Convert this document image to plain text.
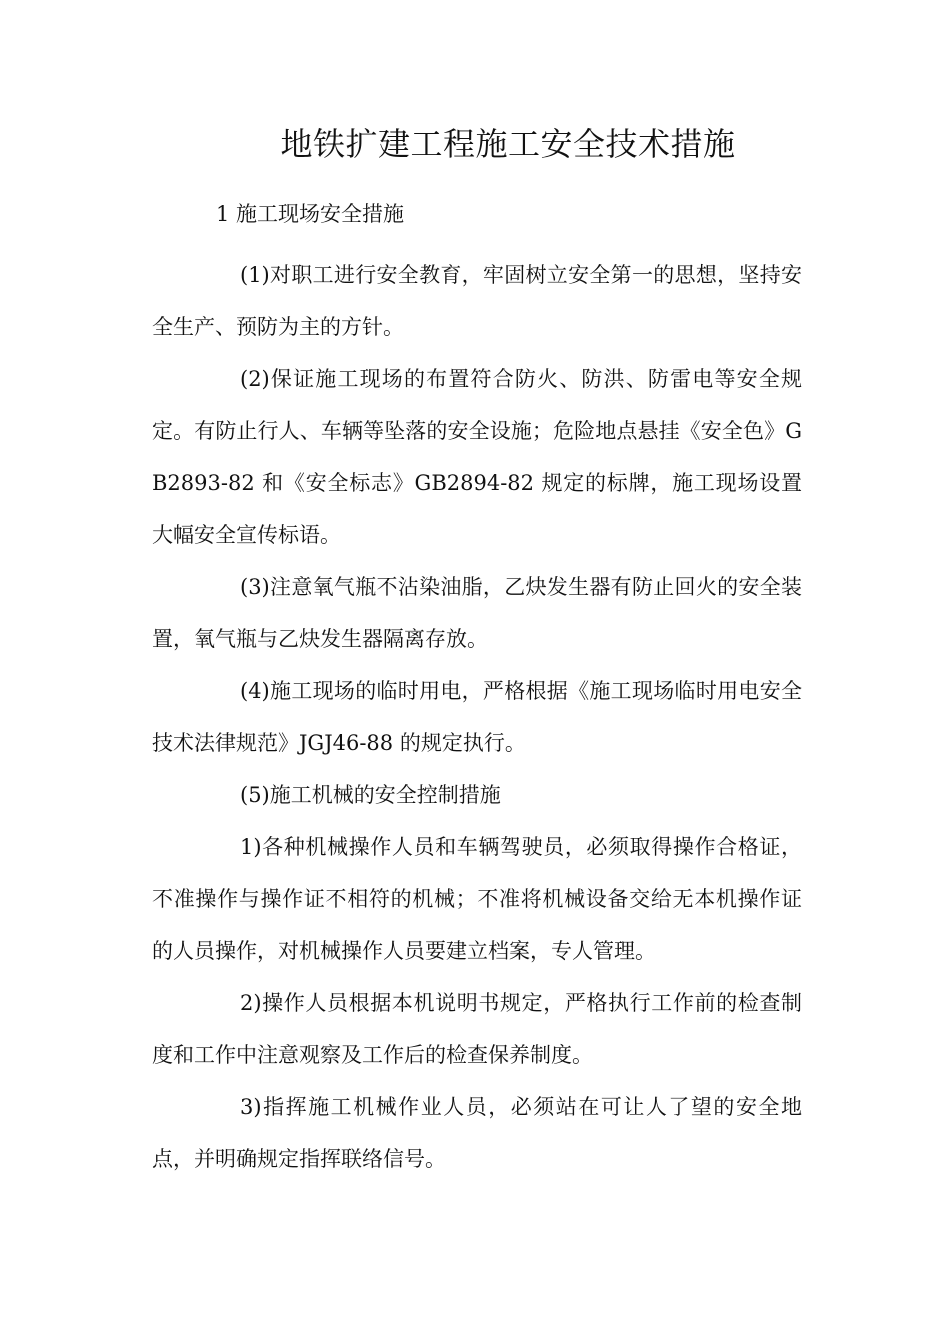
地铁扩建工程施工安全技术措施
1 施工现场安全措施

(1)对职工进行安全教育，牢固树立安全第一的思想，坚持安全生产、预防为主的方针。

(2)保证施工现场的布置符合防火、防洪、防雷电等安全规定。有防止行人、车辆等坠落的安全设施；危险地点悬挂《安全色》GB2893-82 和《安全标志》GB2894-82 规定的标牌，施工现场设置大幅安全宣传标语。

(3)注意氧气瓶不沾染油脂，乙炔发生器有防止回火的安全装置，氧气瓶与乙炔发生器隔离存放。

(4)施工现场的临时用电，严格根据《施工现场临时用电安全技术法律规范》JGJ46-88 的规定执行。

(5)施工机械的安全控制措施

1)各种机械操作人员和车辆驾驶员，必须取得操作合格证，不准操作与操作证不相符的机械；不准将机械设备交给无本机操作证的人员操作，对机械操作人员要建立档案，专人管理。

2)操作人员根据本机说明书规定，严格执行工作前的检查制度和工作中注意观察及工作后的检查保养制度。

3)指挥施工机械作业人员，必须站在可让人了望的安全地点，并明确规定指挥联络信号。
